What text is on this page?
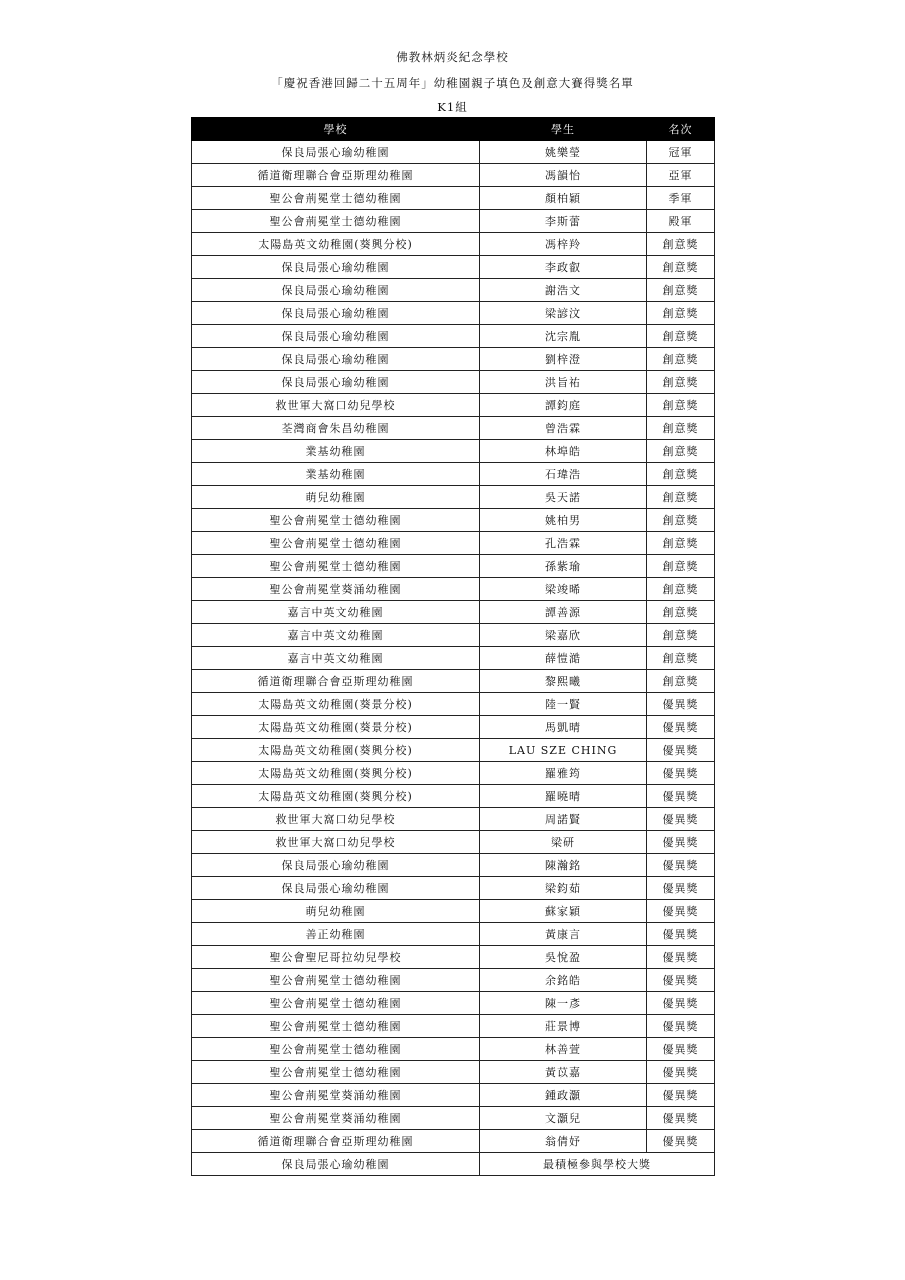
佛教林炳炎紀念學校
「慶祝香港回歸二十五周年」幼稚園親子填色及創意大賽得獎名單
K1組
學校	學生	名次
保良局張心瑜幼稚園	姚樂瑩	冠軍
循道衛理聯合會亞斯理幼稚園	馮韻怡	亞軍
聖公會荊冕堂士德幼稚園	顏柏穎	季軍
聖公會荊冕堂士德幼稚園	李斯蕾	殿軍
太陽島英文幼稚園(葵興分校)	馮梓羚	創意獎
保良局張心瑜幼稚園	李政叡	創意獎
保良局張心瑜幼稚園	謝浩文	創意獎
保良局張心瑜幼稚園	梁諺汶	創意獎
保良局張心瑜幼稚園	沈宗胤	創意獎
保良局張心瑜幼稚園	劉梓澄	創意獎
保良局張心瑜幼稚園	洪旨祐	創意獎
救世軍大窩口幼兒學校	譚鈞庭	創意獎
荃灣商會朱昌幼稚園	曾浩霖	創意獎
業基幼稚園	林埠皓	創意獎
業基幼稚園	石瑋浩	創意獎
萌兒幼稚園	吳天諾	創意獎
聖公會荊冕堂士德幼稚園	姚柏男	創意獎
聖公會荊冕堂士德幼稚園	孔浩霖	創意獎
聖公會荊冕堂士德幼稚園	孫紫瑜	創意獎
聖公會荊冕堂葵涌幼稚園	梁竣晞	創意獎
嘉言中英文幼稚園	譚善源	創意獎
嘉言中英文幼稚園	梁嘉欣	創意獎
嘉言中英文幼稚園	薛愷澔	創意獎
循道衛理聯合會亞斯理幼稚園	黎熙曦	創意獎
太陽島英文幼稚園(葵景分校)	陸一賢	優異獎
太陽島英文幼稚園(葵景分校)	馬凱晴	優異獎
太陽島英文幼稚園(葵興分校)	LAU SZE CHING	優異獎
太陽島英文幼稚園(葵興分校)	羅雅筠	優異獎
太陽島英文幼稚園(葵興分校)	羅曉晴	優異獎
救世軍大窩口幼兒學校	周諾賢	優異獎
救世軍大窩口幼兒學校	梁研	優異獎
保良局張心瑜幼稚園	陳瀚銘	優異獎
保良局張心瑜幼稚園	梁鈞茹	優異獎
萌兒幼稚園	蘇家穎	優異獎
善正幼稚園	黃康言	優異獎
聖公會聖尼哥拉幼兒學校	吳悅盈	優異獎
聖公會荊冕堂士德幼稚園	余銘皓	優異獎
聖公會荊冕堂士德幼稚園	陳一彥	優異獎
聖公會荊冕堂士德幼稚園	莊景博	優異獎
聖公會荊冕堂士德幼稚園	林善萱	優異獎
聖公會荊冕堂士德幼稚園	黃苡嘉	優異獎
聖公會荊冕堂葵涌幼稚園	鍾政灝	優異獎
聖公會荊冕堂葵涌幼稚園	文灝兒	優異獎
循道衛理聯合會亞斯理幼稚園	翁倩妤	優異獎
保良局張心瑜幼稚園	最積極參與學校大獎	
